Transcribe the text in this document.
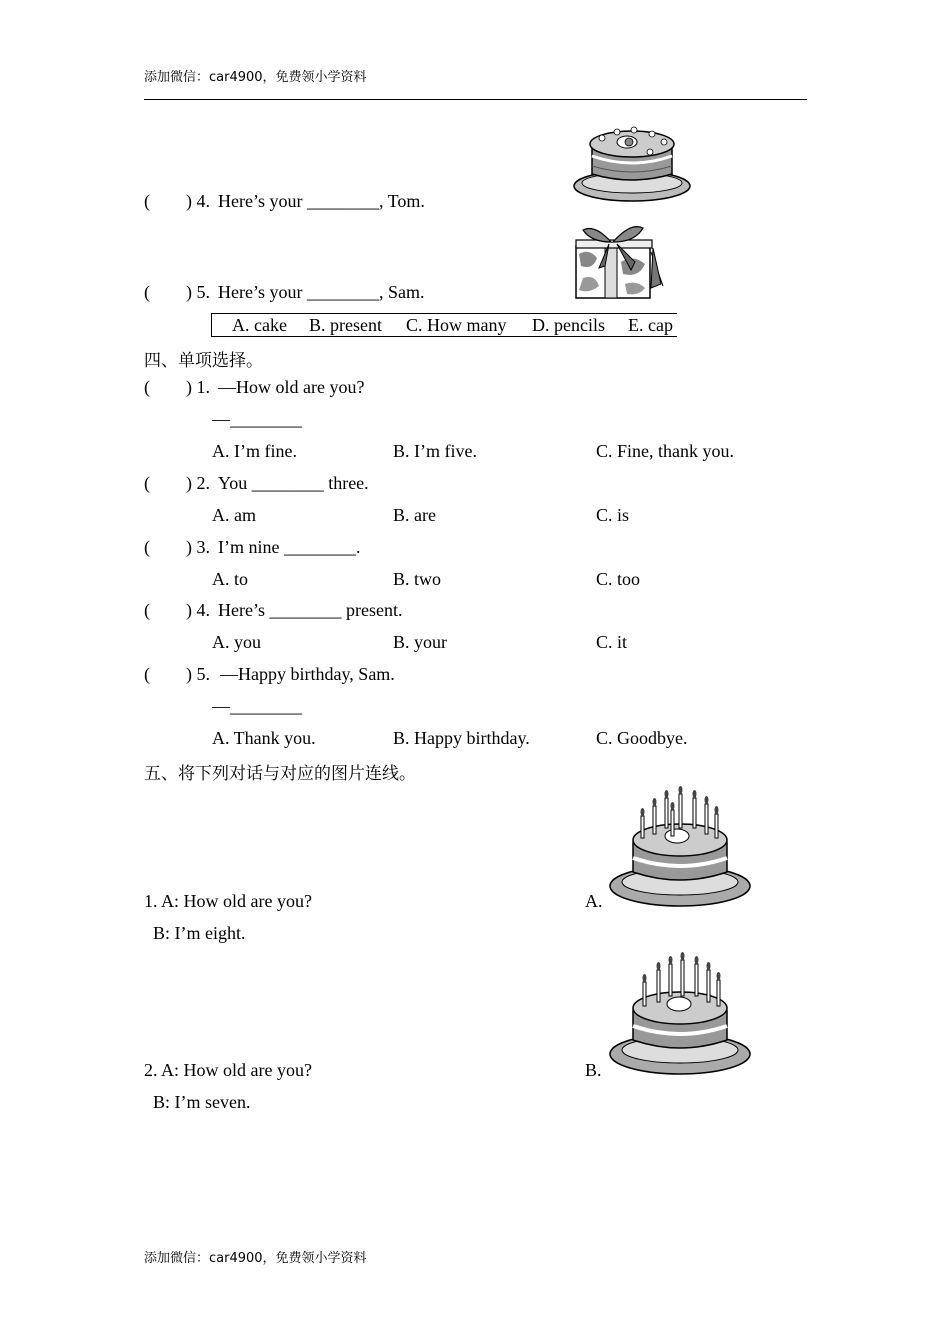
添加微信：car4900，免费领小学资料
( ) 4. Here’s your ________, Tom.
( ) 5. Here’s your ________, Sam.
A. cake B. present C. How many D. pencils E. cap
四、单项选择。
( ) 1. —How old are you?
—________
A. I’m fine.	B. I’m five.	C. Fine, thank you.
( ) 2. You ________ three.
A. am	B. are	C. is
( ) 3. I’m nine ________.
A. to	B. two	C. too
( ) 4. Here’s ________ present.
A. you	B. your	C. it
( ) 5. —Happy birthday, Sam.
—________
A. Thank you.	B. Happy birthday.	C. Goodbye.
五、将下列对话与对应的图片连线。
1. A: How old are you?
B: I’m eight.
A.
2. A: How old are you?
B: I’m seven.
B.
添加微信：car4900，免费领小学资料
